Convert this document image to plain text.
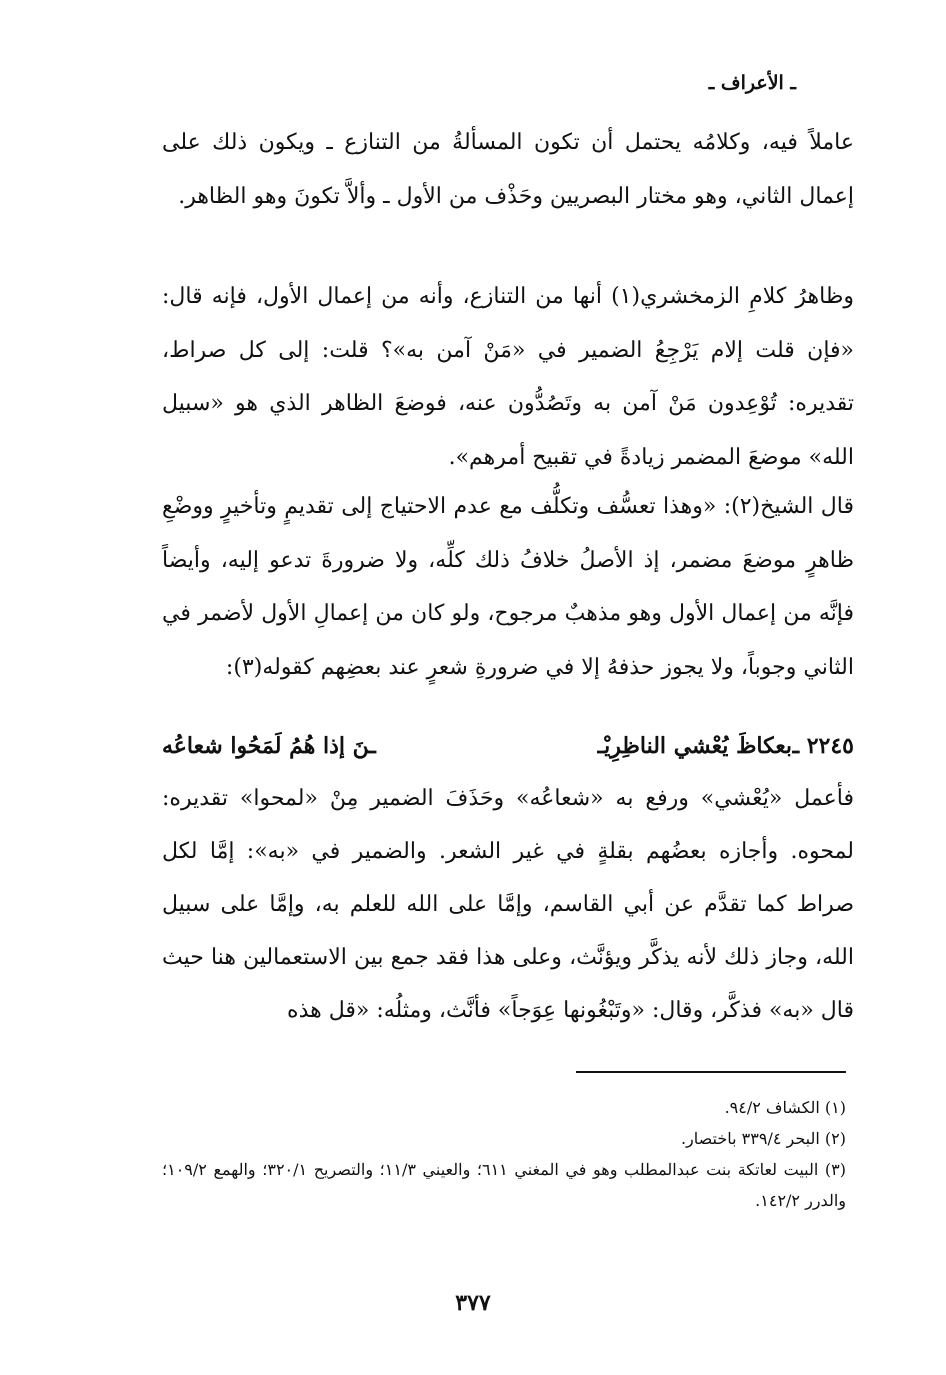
ـ الأعراف ـ

عاملاً فيه، وكلامُه يحتمل أن تكون المسألةُ من التنازع ـ ويكون ذلك على إعمال الثاني، وهو مختار البصريين وحَذْف من الأول ـ وألاَّ تكونَ وهو الظاهر.

وظاهرُ كلامِ الزمخشري(١) أنها من التنازع، وأنه من إعمال الأول، فإنه قال: «فإن قلت إلام يَرْجِعُ الضمير في «مَنْ آمن به»؟ قلت: إلى كل صراط، تقديره: تُوْعِدون مَنْ آمن به وتَصُدُّون عنه، فوضعَ الظاهر الذي هو «سبيل الله» موضعَ المضمر زيادةً في تقبيح أمرهم».

قال الشيخ(٢): «وهذا تعسُّف وتكلُّف مع عدم الاحتياج إلى تقديمٍ وتأخيرٍ ووضْعِ ظاهرٍ موضعَ مضمر، إذ الأصلُ خلافُ ذلك كلِّه، ولا ضرورةَ تدعو إليه، وأيضاً فإنَّه من إعمال الأول وهو مذهبٌ مرجوح، ولو كان من إعمالِ الأول لأضمر في الثاني وجوباً، ولا يجوز حذفهُ إلا في ضرورةِ شعرٍ عند بعضِهم كقوله(٣):

٢٢٤٥ ـ
بعكاظَ يُعْشي الناظِرِيْـ
ـنَ إذا هُمُ لَمَحُوا شعاعُه

فأعمل «يُعْشي» ورفع به «شعاعُه» وحَذَفَ الضمير مِنْ «لمحوا» تقديره: لمحوه. وأجازه بعضُهم بقلةٍ في غير الشعر. والضمير في «به»: إمَّا لكل صراط كما تقدَّم عن أبي القاسم، وإمَّا على الله للعلم به، وإمَّا على سبيل الله، وجاز ذلك لأنه يذكَّر ويؤنَّث، وعلى هذا فقد جمع بين الاستعمالين هنا حيث قال «به» فذكَّر، وقال: «وتَبْغُونها عِوَجاً» فأنَّث، ومثلُه: «قل هذه

(١) الكشاف ٩٤/٢.

(٢) البحر ٣٣٩/٤ باختصار.

(٣) البيت لعاتكة بنت عبدالمطلب وهو في المغني ٦١١؛ والعيني ١١/٣؛ والتصريح ٣٢٠/١؛ والهمع ١٠٩/٢؛ والدرر ١٤٢/٢.

٣٧٧
